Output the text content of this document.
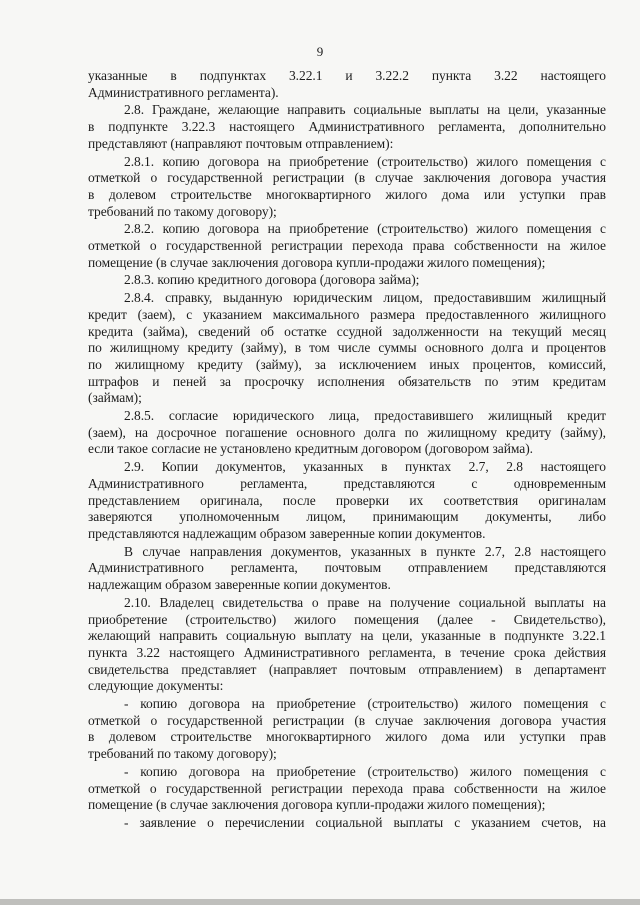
9
указанные в подпунктах 3.22.1 и 3.22.2 пункта 3.22 настоящего
Административного регламента).
2.8. Граждане, желающие направить социальные выплаты на цели, указанные
в подпункте 3.22.3 настоящего Административного регламента, дополнительно
представляют (направляют почтовым отправлением):
2.8.1. копию договора на приобретение (строительство) жилого помещения с
отметкой о государственной регистрации (в случае заключения договора участия
в долевом строительстве многоквартирного жилого дома или уступки прав
требований по такому договору);
2.8.2. копию договора на приобретение (строительство) жилого помещения с
отметкой о государственной регистрации перехода права собственности на жилое
помещение (в случае заключения договора купли-продажи жилого помещения);
2.8.3. копию кредитного договора (договора займа);
2.8.4. справку, выданную юридическим лицом, предоставившим жилищный
кредит (заем), с указанием максимального размера предоставленного жилищного
кредита (займа), сведений об остатке ссудной задолженности на текущий месяц
по жилищному кредиту (займу), в том числе суммы основного долга и процентов
по жилищному кредиту (займу), за исключением иных процентов, комиссий,
штрафов и пеней за просрочку исполнения обязательств по этим кредитам
(займам);
2.8.5. согласие юридического лица, предоставившего жилищный кредит
(заем), на досрочное погашение основного долга по жилищному кредиту (займу),
если такое согласие не установлено кредитным договором (договором займа).
2.9. Копии документов, указанных в пунктах 2.7, 2.8 настоящего
Административного регламента, представляются с одновременным
представлением оригинала, после проверки их соответствия оригиналам
заверяются уполномоченным лицом, принимающим документы, либо
представляются надлежащим образом заверенные копии документов.
В случае направления документов, указанных в пункте 2.7, 2.8 настоящего
Административного регламента, почтовым отправлением представляются
надлежащим образом заверенные копии документов.
2.10. Владелец свидетельства о праве на получение социальной выплаты на
приобретение (строительство) жилого помещения (далее - Свидетельство),
желающий направить социальную выплату на цели, указанные в подпункте 3.22.1
пункта 3.22 настоящего Административного регламента, в течение срока действия
свидетельства представляет (направляет почтовым отправлением) в департамент
следующие документы:
- копию договора на приобретение (строительство) жилого помещения с
отметкой о государственной регистрации (в случае заключения договора участия
в долевом строительстве многоквартирного жилого дома или уступки прав
требований по такому договору);
- копию договора на приобретение (строительство) жилого помещения с
отметкой о государственной регистрации перехода права собственности на жилое
помещение (в случае заключения договора купли-продажи жилого помещения);
- заявление о перечислении социальной выплаты с указанием счетов, на
